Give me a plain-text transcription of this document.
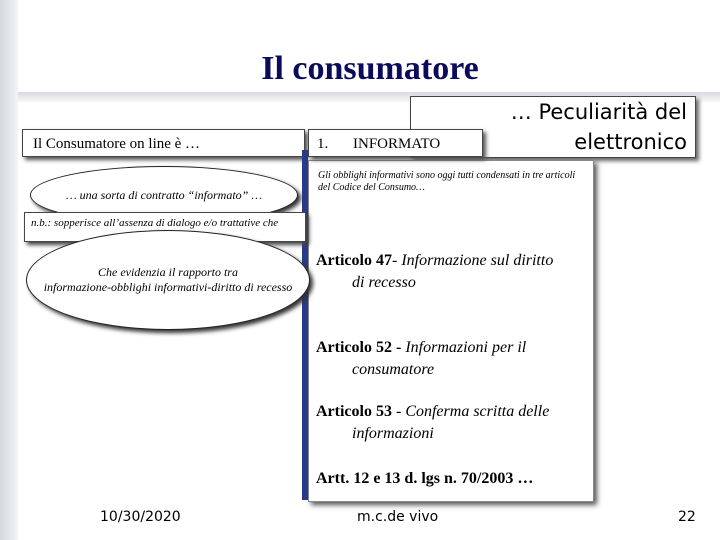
Il consumatore
… Peculiarità del
elettronico
Il Consumatore on line è …	1. INFORMATO
Gli obblighi informativi sono oggi tutti condensati in tre articoli del Codice del Consumo…
Articolo 47- Informazione sul diritto
di recesso
Articolo 52 - Informazioni per il
consumatore
Articolo 53 - Conferma scritta delle
informazioni
Artt. 12 e 13 d. lgs n. 70/2003 …
… una sorta di contratto “informato” …
n.b.: sopperisce all’assenza di dialogo e/o trattative che
Che evidenzia il rapporto tra
informazione-obblighi informativi-diritto di recesso
10/30/2020	m.c.de vivo	22
